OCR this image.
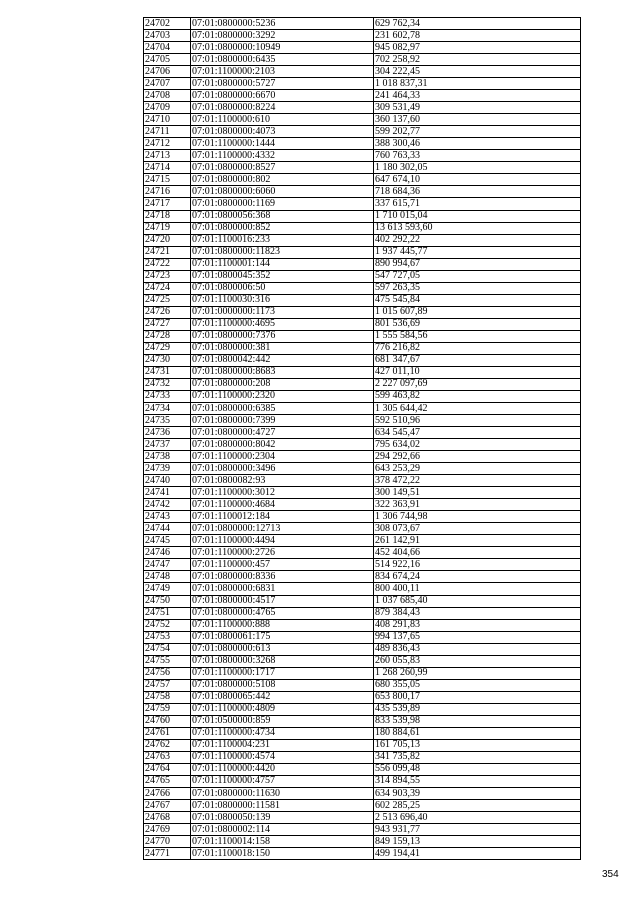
24702	07:01:0800000:5236	629 762,34
24703	07:01:0800000:3292	231 602,78
24704	07:01:0800000:10949	945 082,97
24705	07:01:0800000:6435	702 258,92
24706	07:01:1100000:2103	304 222,45
24707	07:01:0800000:5727	1 018 837,31
24708	07:01:0800000:6670	241 464,33
24709	07:01:0800000:8224	309 531,49
24710	07:01:1100000:610	360 137,60
24711	07:01:0800000:4073	599 202,77
24712	07:01:1100000:1444	388 300,46
24713	07:01:1100000:4332	760 763,33
24714	07:01:0800000:8527	1 180 302,05
24715	07:01:0800000:802	647 674,10
24716	07:01:0800000:6060	718 684,36
24717	07:01:0800000:1169	337 615,71
24718	07:01:0800056:368	1 710 015,04
24719	07:01:0800000:852	13 613 593,60
24720	07:01:1100016:233	402 292,22
24721	07:01:0800000:11823	1 937 445,77
24722	07:01:1100001:144	890 994,67
24723	07:01:0800045:352	547 727,05
24724	07:01:0800006:50	597 263,35
24725	07:01:1100030:316	475 545,84
24726	07:01:0000000:1173	1 015 607,89
24727	07:01:1100000:4695	801 536,69
24728	07:01:0800000:7376	1 555 584,56
24729	07:01:0800000:381	776 216,82
24730	07:01:0800042:442	681 347,67
24731	07:01:0800000:8683	427 011,10
24732	07:01:0800000:208	2 227 097,69
24733	07:01:1100000:2320	599 463,82
24734	07:01:0800000:6385	1 305 644,42
24735	07:01:0800000:7399	592 510,96
24736	07:01:0800000:4727	634 545,47
24737	07:01:0800000:8042	795 634,02
24738	07:01:1100000:2304	294 292,66
24739	07:01:0800000:3496	643 253,29
24740	07:01:0800082:93	378 472,22
24741	07:01:1100000:3012	300 149,51
24742	07:01:1100000:4684	322 363,91
24743	07:01:1100012:184	1 306 744,98
24744	07:01:0800000:12713	308 073,67
24745	07:01:1100000:4494	261 142,91
24746	07:01:1100000:2726	452 404,66
24747	07:01:1100000:457	514 922,16
24748	07:01:0800000:8336	834 674,24
24749	07:01:0800000:6831	800 400,11
24750	07:01:0800000:4517	1 037 685,40
24751	07:01:0800000:4765	879 384,43
24752	07:01:1100000:888	408 291,83
24753	07:01:0800061:175	994 137,65
24754	07:01:0800000:613	489 836,43
24755	07:01:0800000:3268	260 055,83
24756	07:01:1100000:1717	1 268 260,99
24757	07:01:0800000:5108	680 355,05
24758	07:01:0800065:442	653 800,17
24759	07:01:1100000:4809	435 539,89
24760	07:01:0500000:859	833 539,98
24761	07:01:1100000:4734	180 884,61
24762	07:01:1100004:231	161 705,13
24763	07:01:1100000:4574	341 735,82
24764	07:01:1100000:4420	556 099,48
24765	07:01:1100000:4757	314 894,55
24766	07:01:0800000:11630	634 903,39
24767	07:01:0800000:11581	602 285,25
24768	07:01:0800050:139	2 513 696,40
24769	07:01:0800002:114	943 931,77
24770	07:01:1100014:158	849 159,13
24771	07:01:1100018:150	499 194,41
354
